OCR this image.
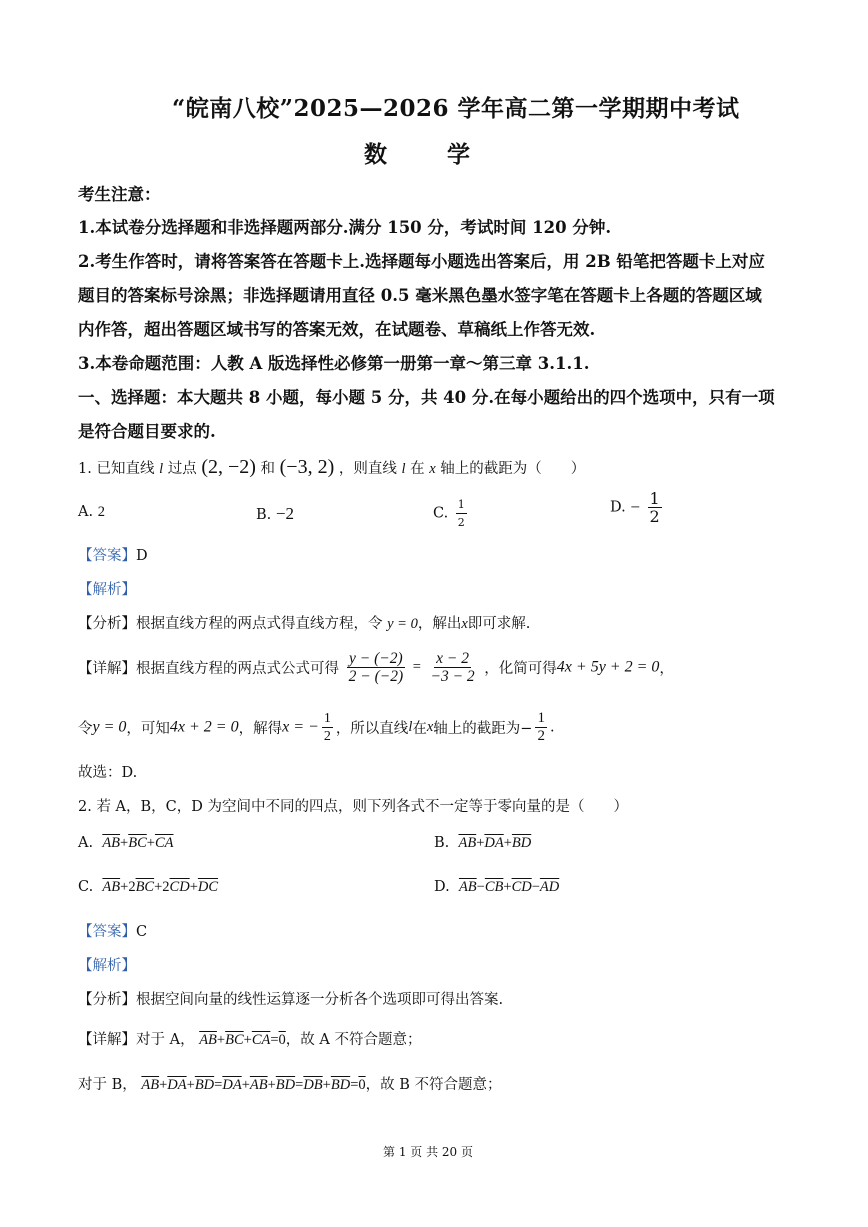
“皖南八校”2025—2026 学年高二第一学期期中考试
数学
考生注意：
1.本试卷分选择题和非选择题两部分.满分 150 分，考试时间 120 分钟.
2.考生作答时，请将答案答在答题卡上.选择题每小题选出答案后，用 2B 铅笔把答题卡上对应
题目的答案标号涂黑；非选择题请用直径 0.5 毫米黑色墨水签字笔在答题卡上各题的答题区域
内作答，超出答题区域书写的答案无效，在试题卷、草稿纸上作答无效.
3.本卷命题范围：人教 A 版选择性必修第一册第一章～第三章 3.1.1.
一、选择题：本大题共 8 小题，每小题 5 分，共 40 分.在每小题给出的四个选项中，只有一项
是符合题目要求的.
1. 已知直线 l 过点 (2, −2) 和 (−3, 2) ，则直线 l 在 x 轴上的截距为（　　）
A. 2	B. −2	C. $\frac{1}{2}$	D. − $\frac{1}{2}$
【答案】D
【解析】
【分析】根据直线方程的两点式得直线方程，令 y = 0，解出x即可求解.
【详解】根据直线方程的两点式公式可得 $\frac{y - (-2)}{2 - (-2)} = \frac{x - 2}{-3 - 2}$ ，化简可得4x + 5y + 2 = 0，
令y = 0，可知4x + 2 = 0，解得x = − $\frac{1}{2}$ ，所以直线l在x轴上的截距为− $\frac{1}{2}$ .
故选：D.
2. 若 A，B，C，D 为空间中不同的四点，则下列各式不一定等于零向量的是（　　）
A. $\overline{AB}+\overline{BC}+\overline{CA}$	B. $\overline{AB}+\overline{DA}+\overline{BD}$
C. $\overline{AB}+2\overline{BC}+2\overline{CD}+\overline{DC}$	D. $\overline{AB}-\overline{CB}+\overline{CD}-\overline{AD}$
【答案】C
【解析】
【分析】根据空间向量的线性运算逐一分析各个选项即可得出答案.
【详解】对于 A， $\overline{AB}+\overline{BC}+\overline{CA}=0$，故 A 不符合题意；
对于 B， $\overline{AB}+\overline{DA}+\overline{BD}=\overline{DA}+\overline{AB}+\overline{BD}=\overline{DB}+\overline{BD}=0$，故 B 不符合题意；
第 1 页 共 20 页
